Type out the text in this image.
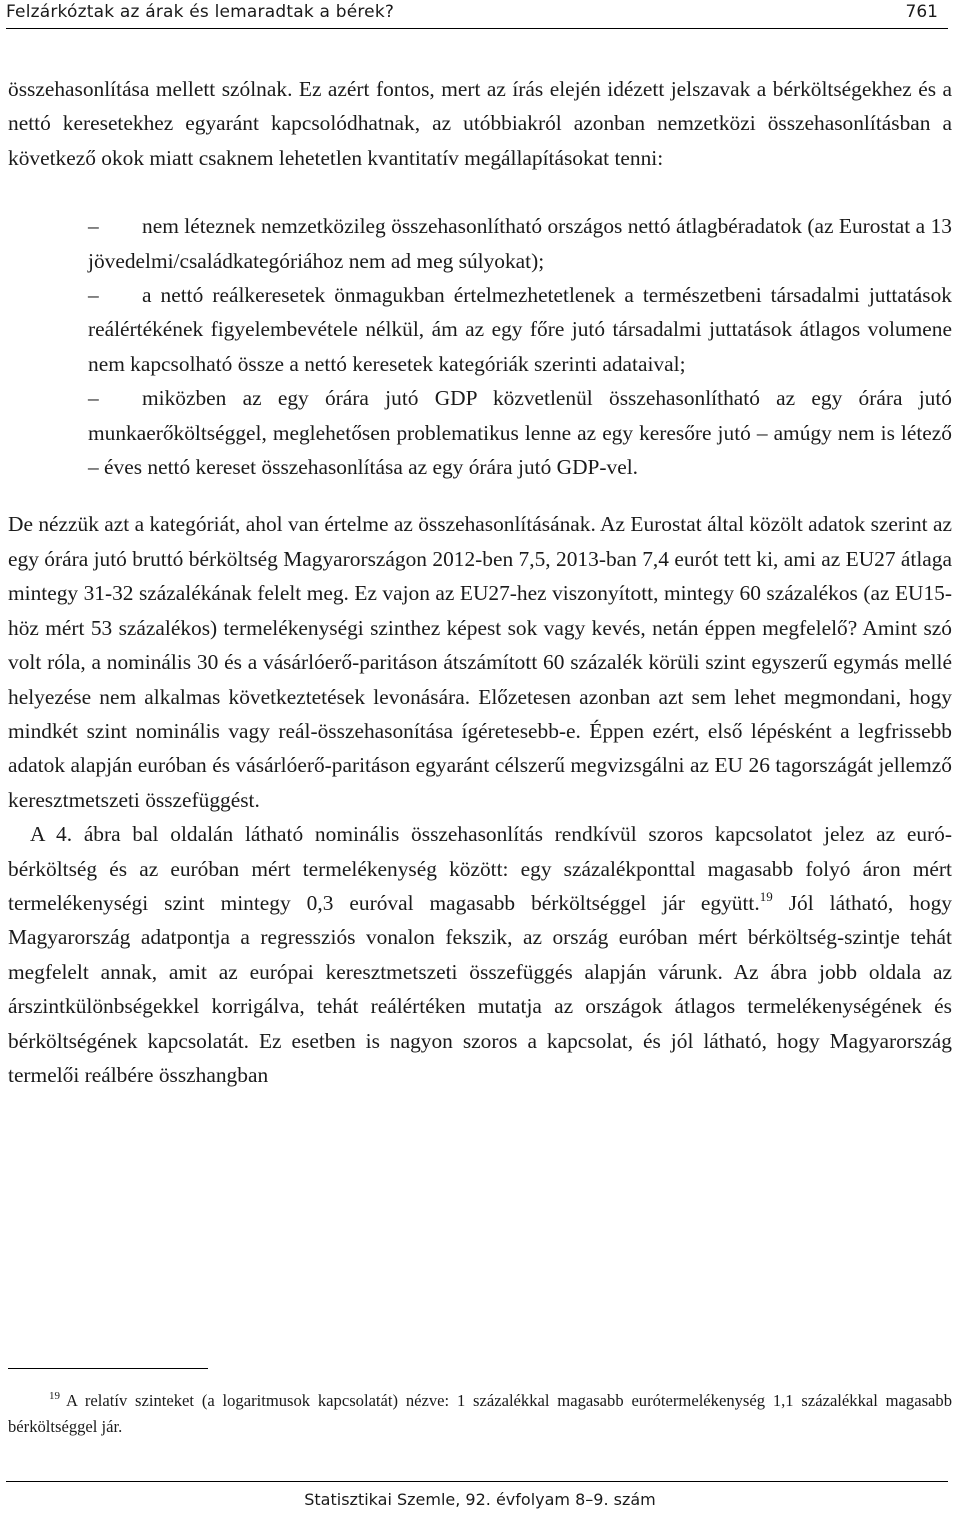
Felzárkóztak az árak és lemaradtak a bérek?	761

összehasonlítása mellett szólnak. Ez azért fontos, mert az írás elején idézett jelszavak a bérköltségekhez és a nettó keresetekhez egyaránt kapcsolódhatnak, az utóbbiakról azonban nemzetközi összehasonlításban a következő okok miatt csaknem lehetetlen kvantitatív megállapításokat tenni:

– nem léteznek nemzetközileg összehasonlítható országos nettó átlagbéradatok (az Eurostat a 13 jövedelmi/családkategóriához nem ad meg súlyokat);

– a nettó reálkeresetek önmagukban értelmezhetetlenek a természetbeni társadalmi juttatások reálértékének figyelembevétele nélkül, ám az egy főre jutó társadalmi juttatások átlagos volumene nem kapcsolható össze a nettó keresetek kategóriák szerinti adataival;

– miközben az egy órára jutó GDP közvetlenül összehasonlítható az egy órára jutó munkaerőköltséggel, meglehetősen problematikus lenne az egy keresőre jutó – amúgy nem is létező – éves nettó kereset összehasonlítása az egy órára jutó GDP-vel.

De nézzük azt a kategóriát, ahol van értelme az összehasonlításának. Az Eurostat által közölt adatok szerint az egy órára jutó bruttó bérköltség Magyarországon 2012-ben 7,5, 2013-ban 7,4 eurót tett ki, ami az EU27 átlaga mintegy 31-32 százalékának felelt meg. Ez vajon az EU27-hez viszonyított, mintegy 60 százalékos (az EU15-höz mért 53 százalékos) termelékenységi szinthez képest sok vagy kevés, netán éppen megfelelő? Amint szó volt róla, a nominális 30 és a vásárlóerő-paritáson átszámított 60 százalék körüli szint egyszerű egymás mellé helyezése nem alkalmas következtetések levonására. Előzetesen azonban azt sem lehet megmondani, hogy mindkét szint nominális vagy reál-összehasonítása ígéretesebb-e. Éppen ezért, első lépésként a legfrissebb adatok alapján euróban és vásárlóerő-paritáson egyaránt célszerű megvizsgálni az EU 26 tagországát jellemző keresztmetszeti összefüggést.

A 4. ábra bal oldalán látható nominális összehasonlítás rendkívül szoros kapcsolatot jelez az euró-bérköltség és az euróban mért termelékenység között: egy százalékponttal magasabb folyó áron mért termelékenységi szint mintegy 0,3 euróval magasabb bérköltséggel jár együtt.$^{19}$ Jól látható, hogy Magyarország adatpontja a regressziós vonalon fekszik, az ország euróban mért bérköltség-szintje tehát megfelelt annak, amit az európai keresztmetszeti összefüggés alapján várunk. Az ábra jobb oldala az árszintkülönbségekkel korrigálva, tehát reálértéken mutatja az országok átlagos termelékenységének és bérköltségének kapcsolatát. Ez esetben is nagyon szoros a kapcsolat, és jól látható, hogy Magyarország termelői reálbére összhangban

$^{19}$ A relatív szinteket (a logaritmusok kapcsolatát) nézve: 1 százalékkal magasabb eurótermelékenység 1,1 százalékkal magasabb bérköltséggel jár.
Statisztikai Szemle, 92. évfolyam 8–9. szám
